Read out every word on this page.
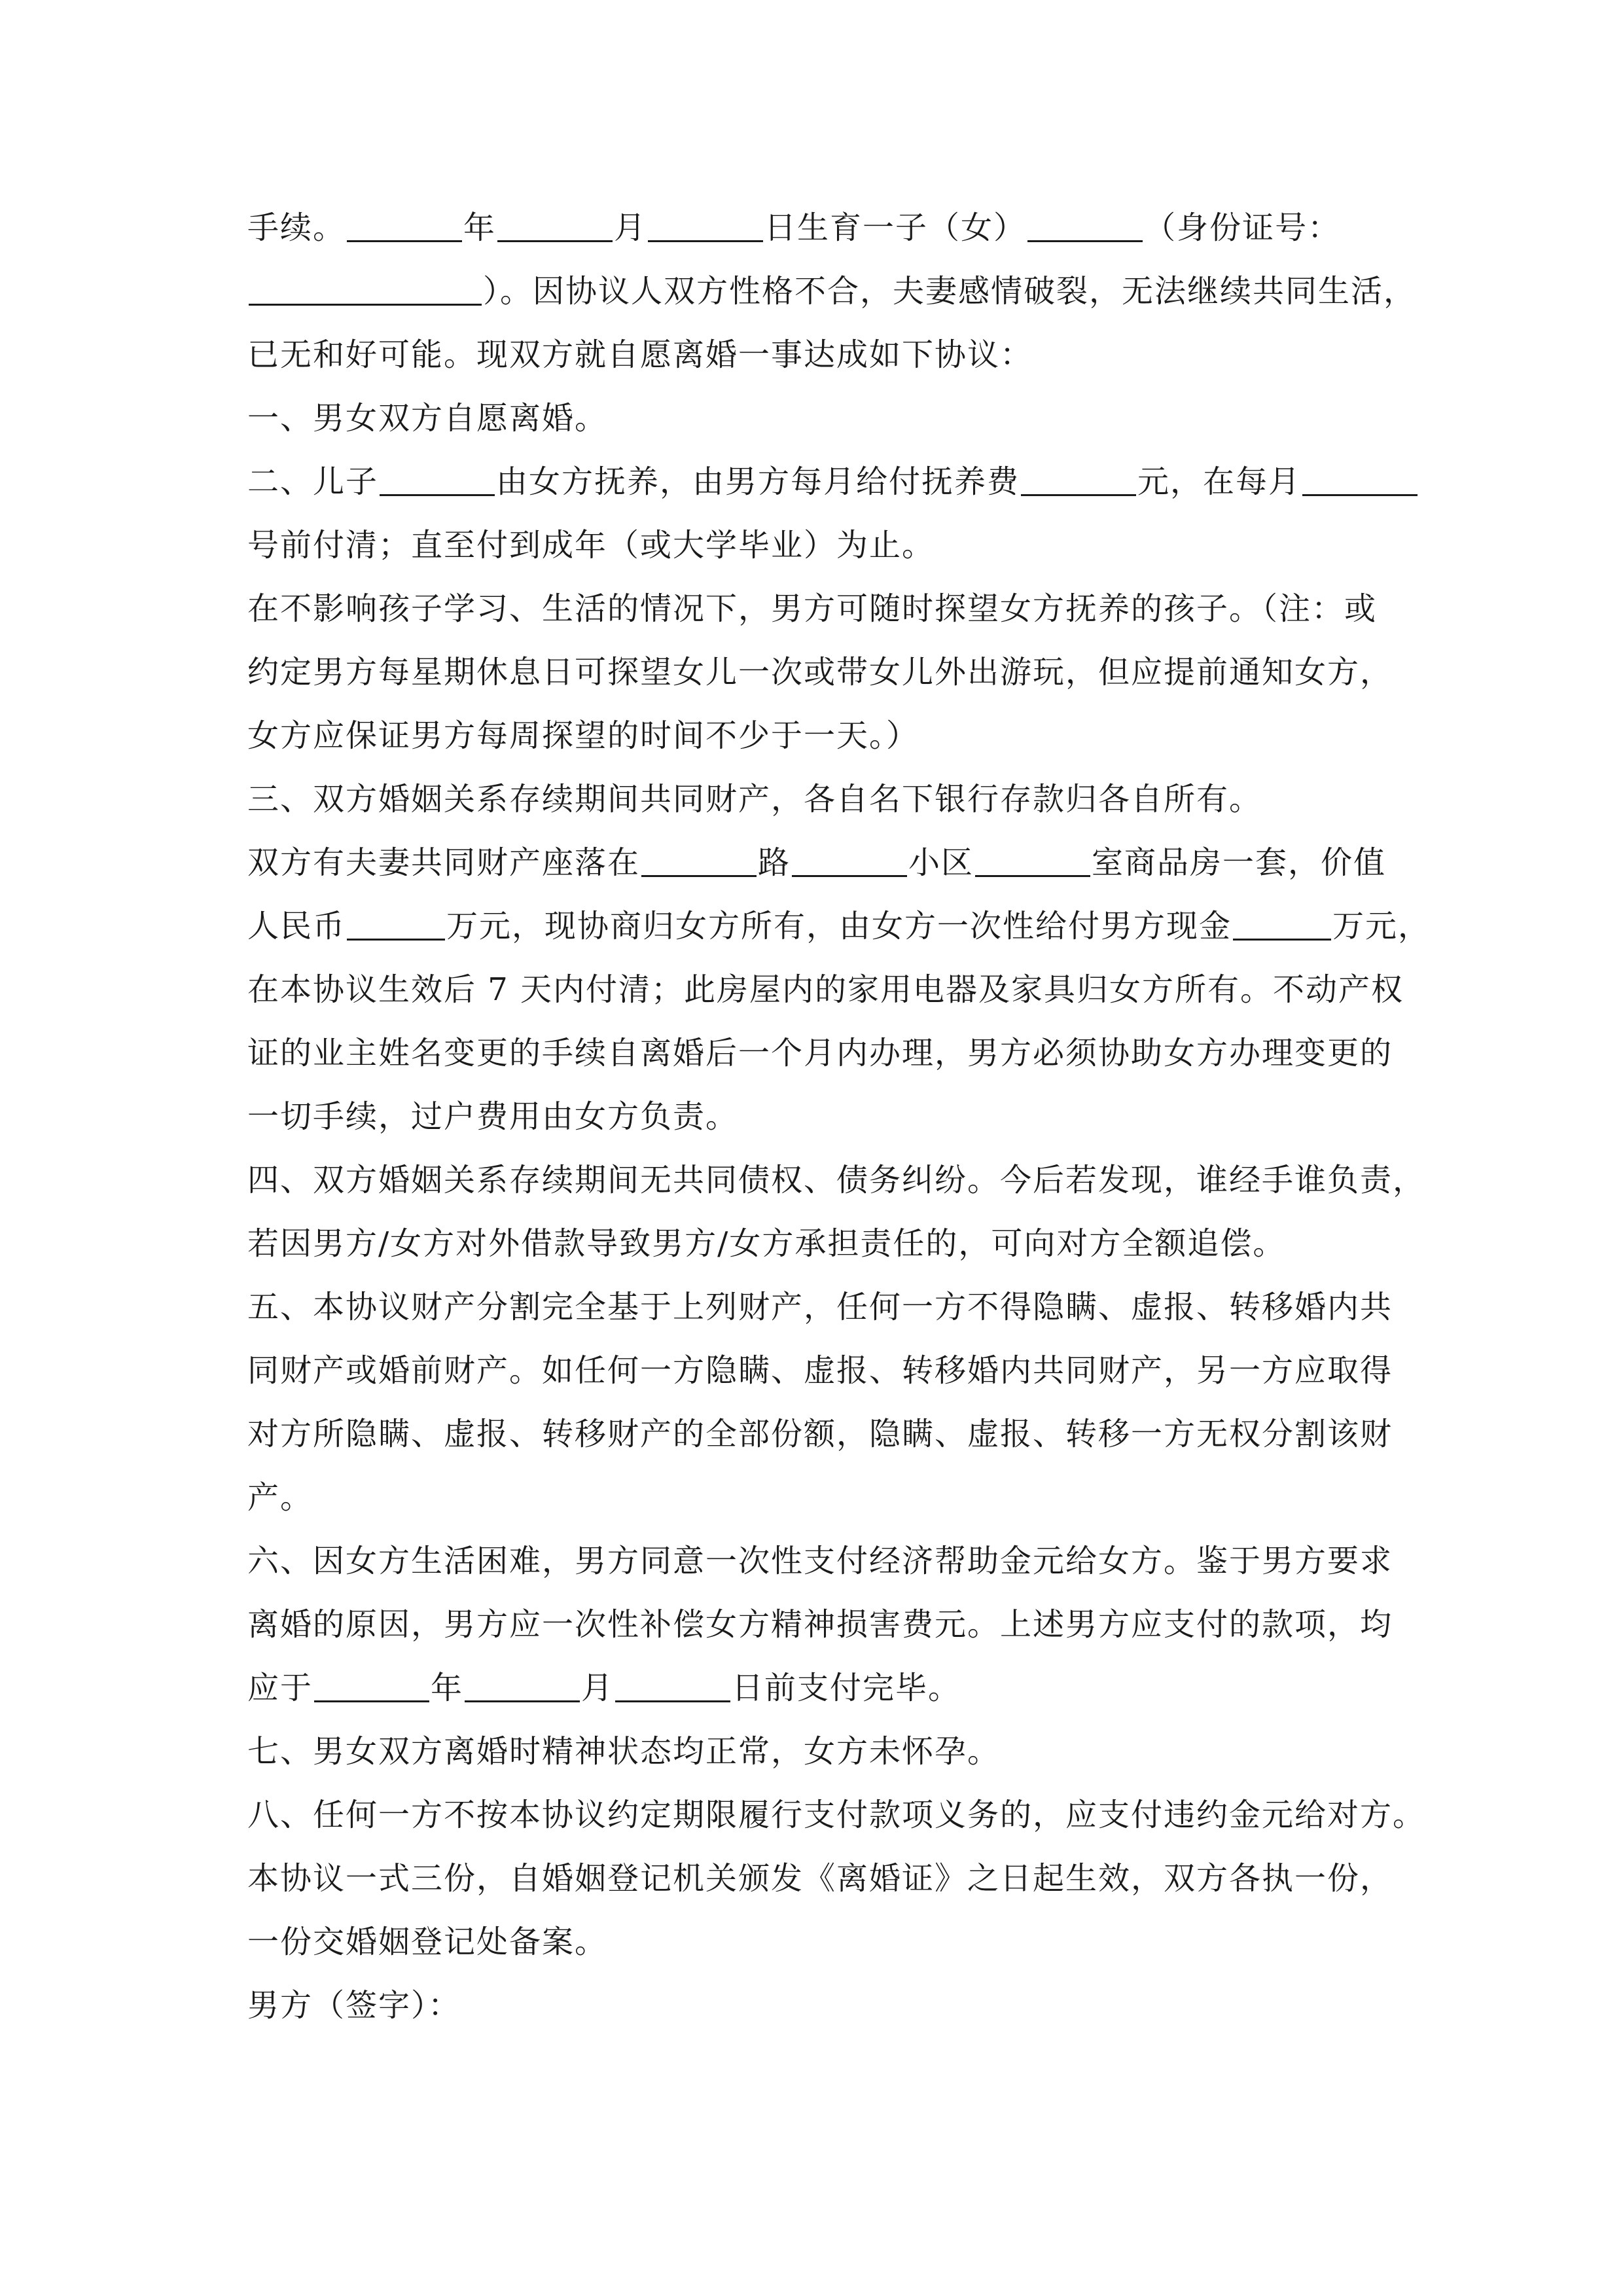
手续。	年	月	日生育一子（女）	（身份证号：
）。因协议人双方性格不合，夫妻感情破裂，无法继续共同生活，
已无和好可能。现双方就自愿离婚一事达成如下协议：
一、男女双方自愿离婚。
二、儿子	由女方抚养，由男方每月给付抚养费	元，在每月
号前付清；直至付到成年（或大学毕业）为止。
在不影响孩子学习、生活的情况下，男方可随时探望女方抚养的孩子。（注：或
约定男方每星期休息日可探望女儿一次或带女儿外出游玩，但应提前通知女方，
女方应保证男方每周探望的时间不少于一天。）
三、双方婚姻关系存续期间共同财产，各自名下银行存款归各自所有。
双方有夫妻共同财产座落在	路	小区	室商品房一套，价值
人民币	万元，现协商归女方所有，由女方一次性给付男方现金	万元，
在本协议生效后 7 天内付清；此房屋内的家用电器及家具归女方所有。不动产权
证的业主姓名变更的手续自离婚后一个月内办理，男方必须协助女方办理变更的
一切手续，过户费用由女方负责。
四、双方婚姻关系存续期间无共同债权、债务纠纷。今后若发现，谁经手谁负责，
若因男方/女方对外借款导致男方/女方承担责任的，可向对方全额追偿。
五、本协议财产分割完全基于上列财产，任何一方不得隐瞒、虚报、转移婚内共
同财产或婚前财产。如任何一方隐瞒、虚报、转移婚内共同财产，另一方应取得
对方所隐瞒、虚报、转移财产的全部份额，隐瞒、虚报、转移一方无权分割该财
产。
六、因女方生活困难，男方同意一次性支付经济帮助金元给女方。鉴于男方要求
离婚的原因，男方应一次性补偿女方精神损害费元。上述男方应支付的款项，均
应于	年	月	日前支付完毕。
七、男女双方离婚时精神状态均正常，女方未怀孕。
八、任何一方不按本协议约定期限履行支付款项义务的，应支付违约金元给对方。
本协议一式三份，自婚姻登记机关颁发《离婚证》之日起生效，双方各执一份，
一份交婚姻登记处备案。
男方（签字）：
